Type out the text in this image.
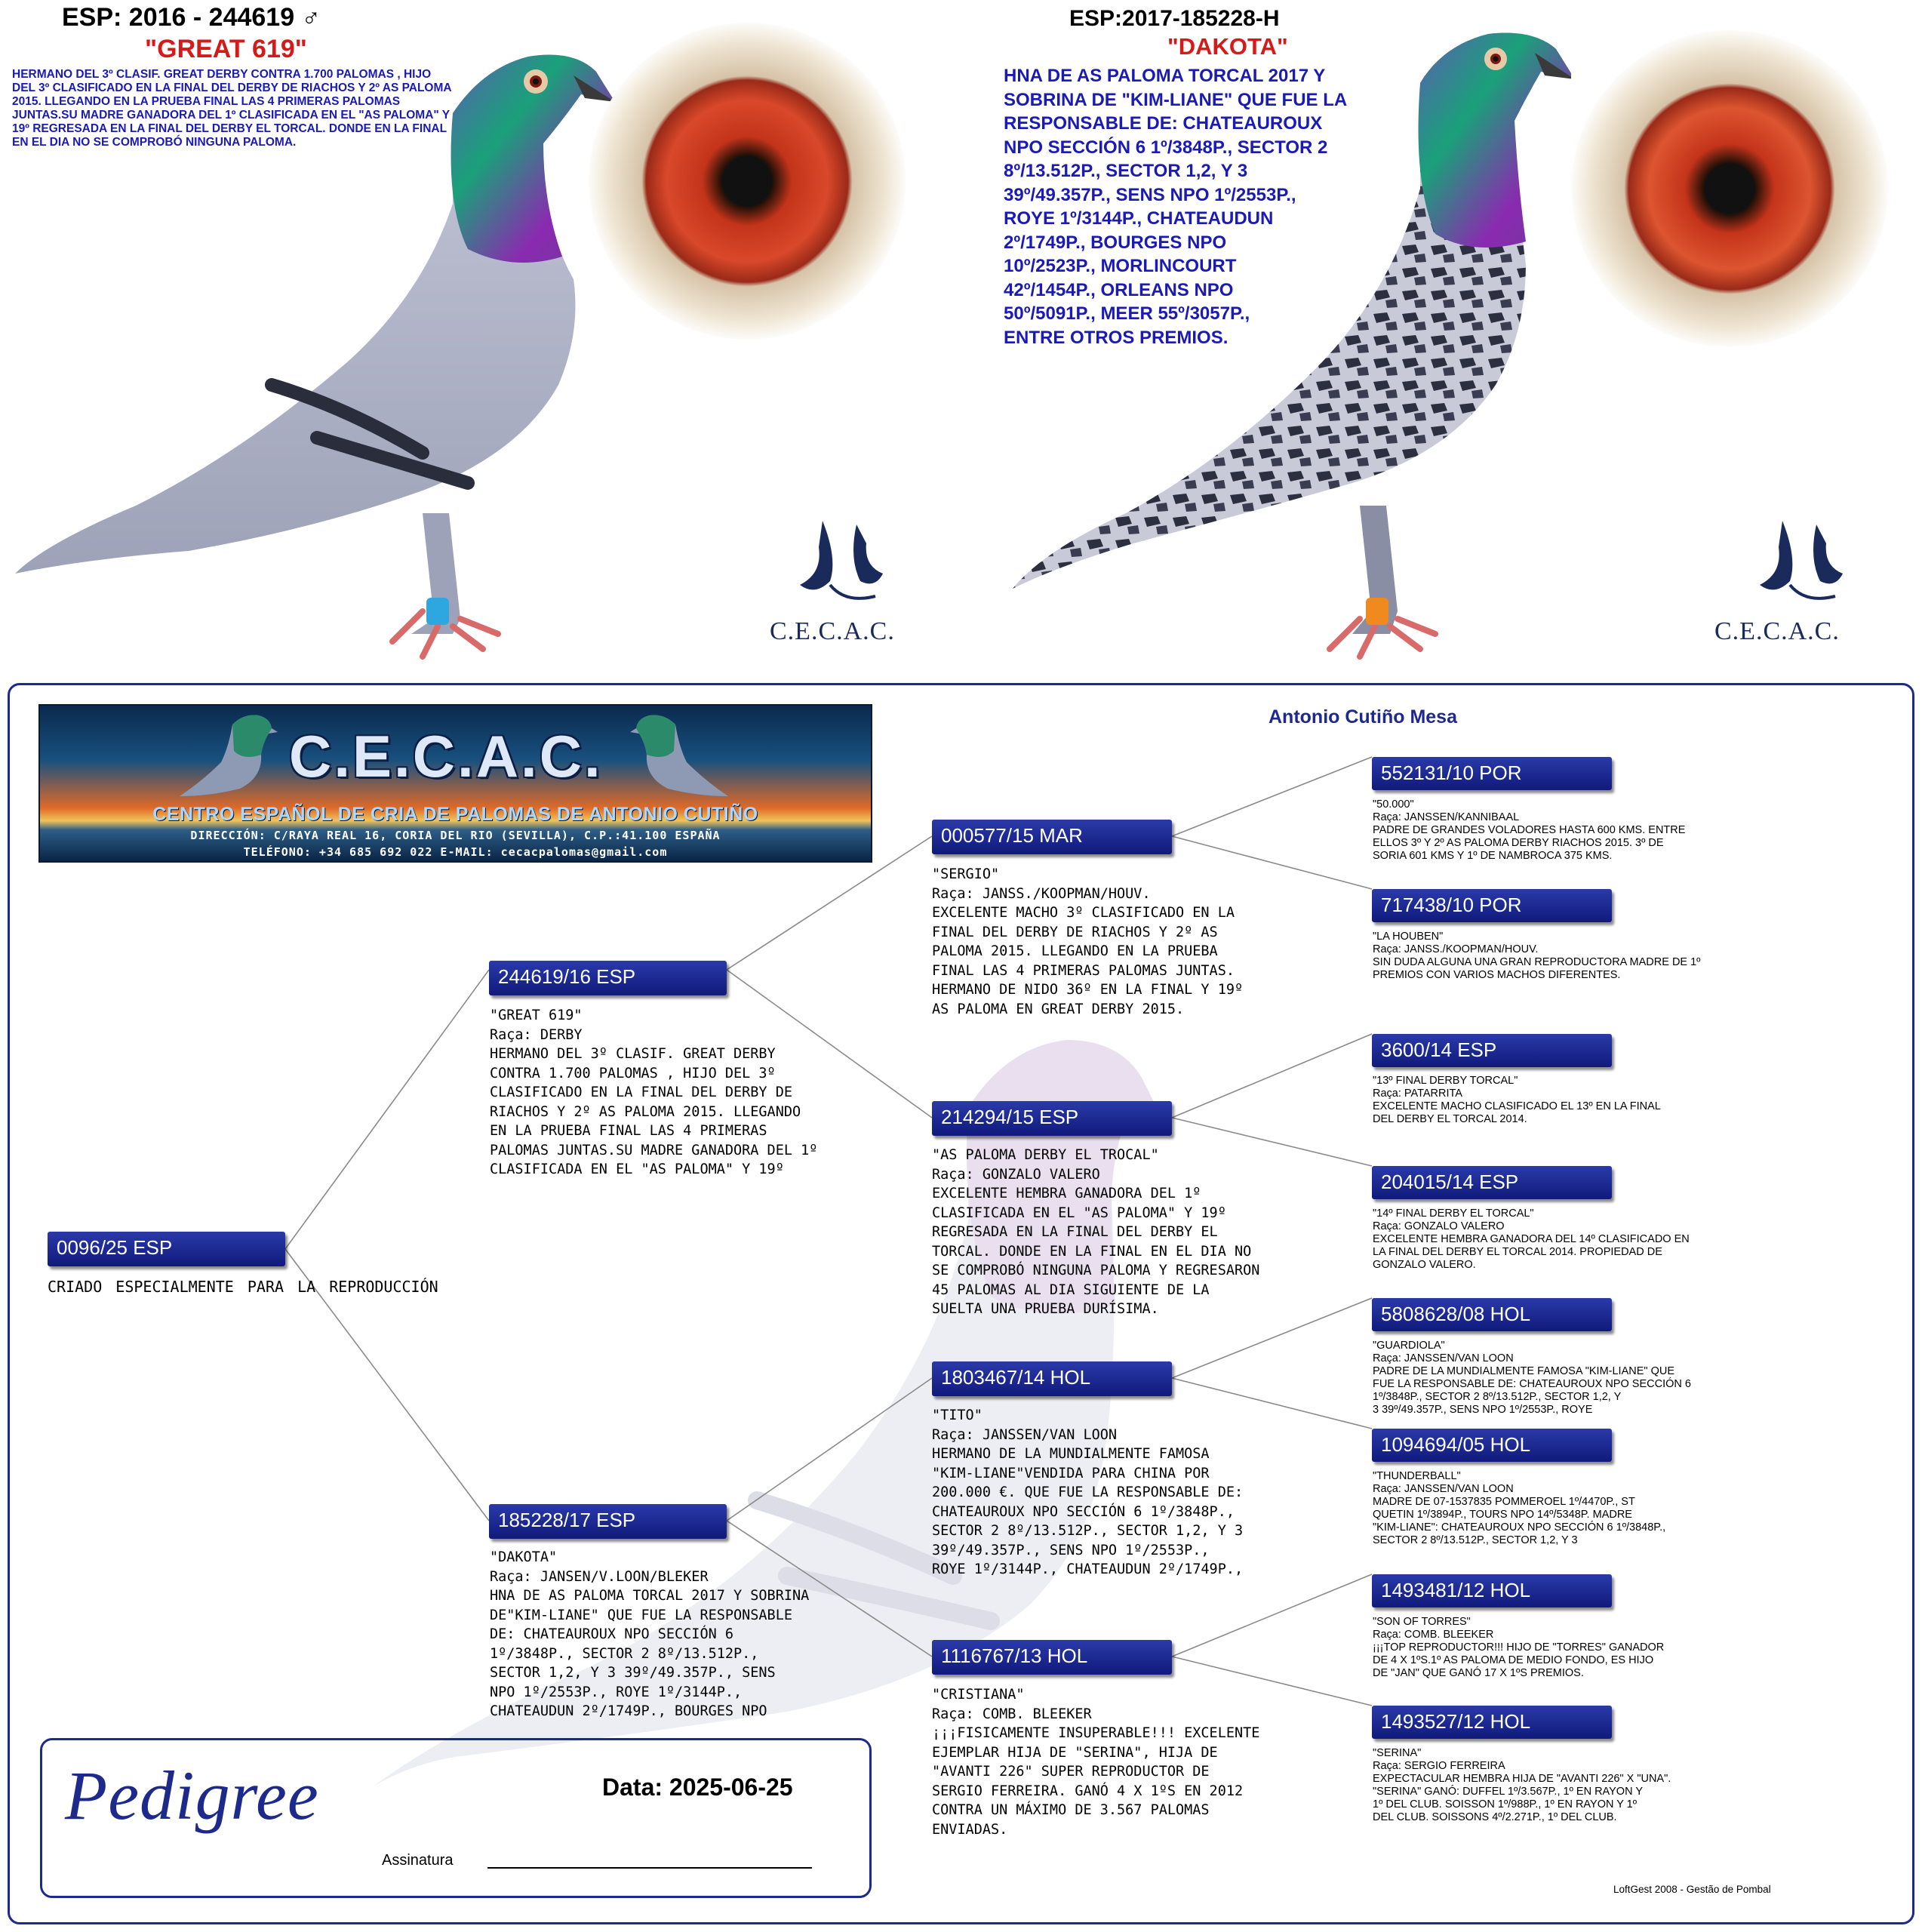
ESP: 2016 - 244619 ♂
"GREAT 619"
HERMANO DEL 3º CLASIF. GREAT DERBY CONTRA 1.700 PALOMAS , HIJO DEL 3º CLASIFICADO EN LA FINAL DEL DERBY DE RIACHOS Y 2º AS PALOMA 2015. LLEGANDO EN LA PRUEBA FINAL LAS 4 PRIMERAS PALOMAS JUNTAS.SU MADRE GANADORA DEL 1º CLASIFICADA EN EL "AS PALOMA" Y 19º REGRESADA EN LA FINAL DEL DERBY EL TORCAL. DONDE EN LA FINAL EN EL DIA NO SE COMPROBÓ NINGUNA PALOMA.
C.E.C.A.C.
ESP:2017-185228-H
"DAKOTA"
HNA DE AS PALOMA TORCAL 2017 Y
SOBRINA DE "KIM-LIANE" QUE FUE LA
RESPONSABLE DE: CHATEAUROUX
NPO SECCIÓN 6 1º/3848P., SECTOR 2
8º/13.512P., SECTOR 1,2, Y 3
39º/49.357P., SENS NPO 1º/2553P.,
ROYE 1º/3144P., CHATEAUDUN
2º/1749P., BOURGES NPO
10º/2523P., MORLINCOURT
42º/1454P., ORLEANS NPO
50º/5091P., MEER 55º/3057P.,
ENTRE OTROS PREMIOS.
C.E.C.A.C.
C.E.C.A.C.
CENTRO ESPAÑOL DE CRIA DE PALOMAS DE ANTONIO CUTIÑO
DIRECCIÓN: C/RAYA REAL 16, CORIA DEL RIO (SEVILLA), C.P.:41.100 ESPAÑA
TELÉFONO: +34 685 692 022 E-MAIL: cecacpalomas@gmail.com
Antonio Cutiño Mesa
0096/25 ESP
CRIADO ESPECIALMENTE PARA LA REPRODUCCIÓN
244619/16 ESP
"GREAT 619"
Raça: DERBY
HERMANO DEL 3º CLASIF. GREAT DERBY
CONTRA 1.700 PALOMAS , HIJO DEL 3º
CLASIFICADO EN LA FINAL DEL DERBY DE
RIACHOS Y 2º AS PALOMA 2015. LLEGANDO
EN LA PRUEBA FINAL LAS 4 PRIMERAS
PALOMAS JUNTAS.SU MADRE GANADORA DEL 1º
CLASIFICADA EN EL "AS PALOMA" Y 19º
185228/17 ESP
"DAKOTA"
Raça: JANSEN/V.LOON/BLEKER
HNA DE AS PALOMA TORCAL 2017 Y SOBRINA
DE"KIM-LIANE" QUE FUE LA RESPONSABLE
DE: CHATEAUROUX NPO SECCIÓN 6
1º/3848P., SECTOR 2 8º/13.512P.,
SECTOR 1,2, Y 3 39º/49.357P., SENS
NPO 1º/2553P., ROYE 1º/3144P.,
CHATEAUDUN 2º/1749P., BOURGES NPO
000577/15 MAR
"SERGIO"
Raça: JANSS./KOOPMAN/HOUV.
EXCELENTE MACHO 3º CLASIFICADO EN LA
FINAL DEL DERBY DE RIACHOS Y 2º AS
PALOMA 2015. LLEGANDO EN LA PRUEBA
FINAL LAS 4 PRIMERAS PALOMAS JUNTAS.
HERMANO DE NIDO 36º EN LA FINAL Y 19º
AS PALOMA EN GREAT DERBY 2015.
214294/15 ESP
"AS PALOMA DERBY EL TROCAL"
Raça: GONZALO VALERO
EXCELENTE HEMBRA GANADORA DEL 1º
CLASIFICADA EN EL "AS PALOMA" Y 19º
REGRESADA EN LA FINAL DEL DERBY EL
TORCAL. DONDE EN LA FINAL EN EL DIA NO
SE COMPROBÓ NINGUNA PALOMA Y REGRESARON
45 PALOMAS AL DIA SIGUIENTE DE LA
SUELTA UNA PRUEBA DURÍSIMA.
1803467/14 HOL
"TITO"
Raça: JANSSEN/VAN LOON
HERMANO DE LA MUNDIALMENTE FAMOSA
"KIM-LIANE"VENDIDA PARA CHINA POR
200.000 €. QUE FUE LA RESPONSABLE DE:
CHATEAUROUX NPO SECCIÓN 6 1º/3848P.,
SECTOR 2 8º/13.512P., SECTOR 1,2, Y 3
39º/49.357P., SENS NPO 1º/2553P.,
ROYE 1º/3144P., CHATEAUDUN 2º/1749P.,
1116767/13 HOL
"CRISTIANA"
Raça: COMB. BLEEKER
¡¡¡FISICAMENTE INSUPERABLE!!! EXCELENTE
EJEMPLAR HIJA DE "SERINA", HIJA DE
"AVANTI 226" SUPER REPRODUCTOR DE
SERGIO FERREIRA. GANÓ 4 X 1ºS EN 2012
CONTRA UN MÁXIMO DE 3.567 PALOMAS
ENVIADAS.
552131/10 POR
"50.000"
Raça: JANSSEN/KANNIBAAL
PADRE DE GRANDES VOLADORES HASTA 600 KMS. ENTRE
ELLOS 3º Y 2º AS PALOMA DERBY RIACHOS 2015. 3º DE
SORIA 601 KMS Y 1º DE NAMBROCA 375 KMS.
717438/10 POR
"LA HOUBEN"
Raça: JANSS./KOOPMAN/HOUV.
SIN DUDA ALGUNA UNA GRAN REPRODUCTORA MADRE DE 1º
PREMIOS CON VARIOS MACHOS DIFERENTES.
3600/14 ESP
"13º FINAL DERBY TORCAL"
Raça: PATARRITA
EXCELENTE MACHO CLASIFICADO EL 13º EN LA FINAL
DEL DERBY EL TORCAL 2014.
204015/14 ESP
"14º FINAL DERBY EL TORCAL"
Raça: GONZALO VALERO
EXCELENTE HEMBRA GANADORA DEL 14º CLASIFICADO EN
LA FINAL DEL DERBY EL TORCAL 2014. PROPIEDAD DE
GONZALO VALERO.
5808628/08 HOL
"GUARDIOLA"
Raça: JANSSEN/VAN LOON
PADRE DE LA MUNDIALMENTE FAMOSA "KIM-LIANE" QUE
FUE LA RESPONSABLE DE: CHATEAUROUX NPO SECCIÓN 6
1º/3848P., SECTOR 2 8º/13.512P., SECTOR 1,2, Y
3 39º/49.357P., SENS NPO 1º/2553P., ROYE
1094694/05 HOL
"THUNDERBALL"
Raça: JANSSEN/VAN LOON
MADRE DE 07-1537835 POMMEROEL 1º/4470P., ST
QUETIN 1º/3894P., TOURS NPO 14º/5348P. MADRE
"KIM-LIANE": CHATEAUROUX NPO SECCIÓN 6 1º/3848P.,
SECTOR 2 8º/13.512P., SECTOR 1,2, Y 3
1493481/12 HOL
"SON OF TORRES"
Raça: COMB. BLEEKER
¡¡¡TOP REPRODUCTOR!!! HIJO DE "TORRES" GANADOR
DE 4 X 1ºS.1º AS PALOMA DE MEDIO FONDO, ES HIJO
DE "JAN" QUE GANÓ 17 X 1ºS PREMIOS.
1493527/12 HOL
"SERINA"
Raça: SERGIO FERREIRA
EXPECTACULAR HEMBRA HIJA DE "AVANTI 226" X "UNA".
"SERINA" GANÓ: DUFFEL 1º/3.567P., 1º EN RAYON Y
1º DEL CLUB. SOISSON 1º/988P., 1º EN RAYON Y 1º
DEL CLUB. SOISSONS 4º/2.271P., 1º DEL CLUB.
Pedigree	Data: 2025-06-25
Assinatura
LoftGest 2008 - Gestão de Pombal
